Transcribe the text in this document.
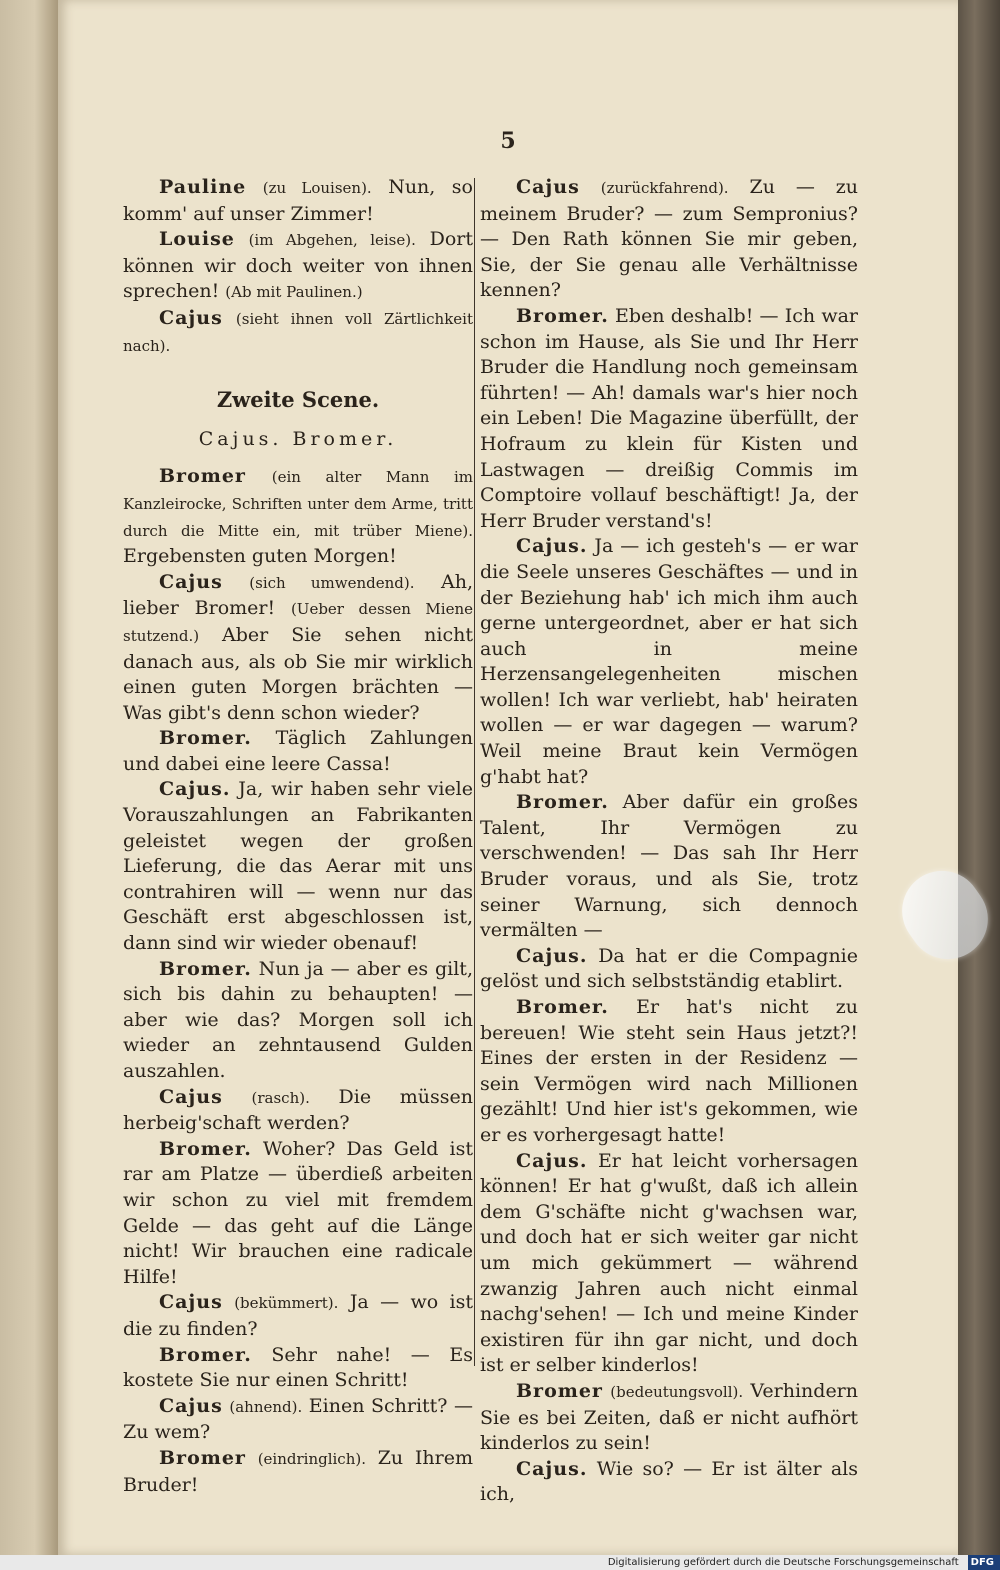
5

Pauline (zu Louisen). Nun, so komm' auf unser Zimmer!

Louise (im Abgehen, leise). Dort können wir doch weiter von ihnen sprechen! (Ab mit Paulinen.)

Cajus (sieht ihnen voll Zärtlichkeit nach).

Zweite Scene.
Cajus. Bromer.

Bromer (ein alter Mann im Kanzleirocke, Schriften unter dem Arme, tritt durch die Mitte ein, mit trüber Miene). Ergebensten guten Morgen!

Cajus (sich umwendend). Ah, lieber Bromer! (Ueber dessen Miene stutzend.) Aber Sie sehen nicht danach aus, als ob Sie mir wirklich einen guten Morgen brächten — Was gibt's denn schon wieder?

Bromer. Täglich Zahlungen und dabei eine leere Cassa!

Cajus. Ja, wir haben sehr viele Vorauszahlungen an Fabrikanten geleistet wegen der großen Lieferung, die das Aerar mit uns contrahiren will — wenn nur das Geschäft erst abgeschlossen ist, dann sind wir wieder obenauf!

Bromer. Nun ja — aber es gilt, sich bis dahin zu behaupten! — aber wie das? Morgen soll ich wieder an zehntausend Gulden auszahlen.

Cajus (rasch). Die müssen herbeig'schaft werden?

Bromer. Woher? Das Geld ist rar am Platze — überdieß arbeiten wir schon zu viel mit fremdem Gelde — das geht auf die Länge nicht! Wir brauchen eine radicale Hilfe!

Cajus (bekümmert). Ja — wo ist die zu finden?

Bromer. Sehr nahe! — Es kostete Sie nur einen Schritt!

Cajus (ahnend). Einen Schritt? — Zu wem?

Bromer (eindringlich). Zu Ihrem Bruder!

Cajus (zurückfahrend). Zu — zu meinem Bruder? — zum Sempronius? — Den Rath können Sie mir geben, Sie, der Sie genau alle Verhältnisse kennen?

Bromer. Eben deshalb! — Ich war schon im Hause, als Sie und Ihr Herr Bruder die Handlung noch gemeinsam führten! — Ah! damals war's hier noch ein Leben! Die Magazine überfüllt, der Hofraum zu klein für Kisten und Lastwagen — dreißig Commis im Comptoire vollauf beschäftigt! Ja, der Herr Bruder verstand's!

Cajus. Ja — ich gesteh's — er war die Seele unseres Geschäftes — und in der Beziehung hab' ich mich ihm auch gerne untergeordnet, aber er hat sich auch in meine Herzensangelegenheiten mischen wollen! Ich war verliebt, hab' heiraten wollen — er war dagegen — warum? Weil meine Braut kein Vermögen g'habt hat?

Bromer. Aber dafür ein großes Talent, Ihr Vermögen zu verschwenden! — Das sah Ihr Herr Bruder voraus, und als Sie, trotz seiner Warnung, sich dennoch vermälten —

Cajus. Da hat er die Compagnie gelöst und sich selbstständig etablirt.

Bromer. Er hat's nicht zu bereuen! Wie steht sein Haus jetzt?! Eines der ersten in der Residenz — sein Vermögen wird nach Millionen gezählt! Und hier ist's gekommen, wie er es vorhergesagt hatte!

Cajus. Er hat leicht vorhersagen können! Er hat g'wußt, daß ich allein dem G'schäfte nicht g'wachsen war, und doch hat er sich weiter gar nicht um mich gekümmert — während zwanzig Jahren auch nicht einmal nachg'sehen! — Ich und meine Kinder existiren für ihn gar nicht, und doch ist er selber kinderlos!

Bromer (bedeutungsvoll). Verhindern Sie es bei Zeiten, daß er nicht aufhört kinderlos zu sein!

Cajus. Wie so? — Er ist älter als ich,

Digitalisierung gefördert durch die Deutsche Forschungsgemeinschaft DFG
